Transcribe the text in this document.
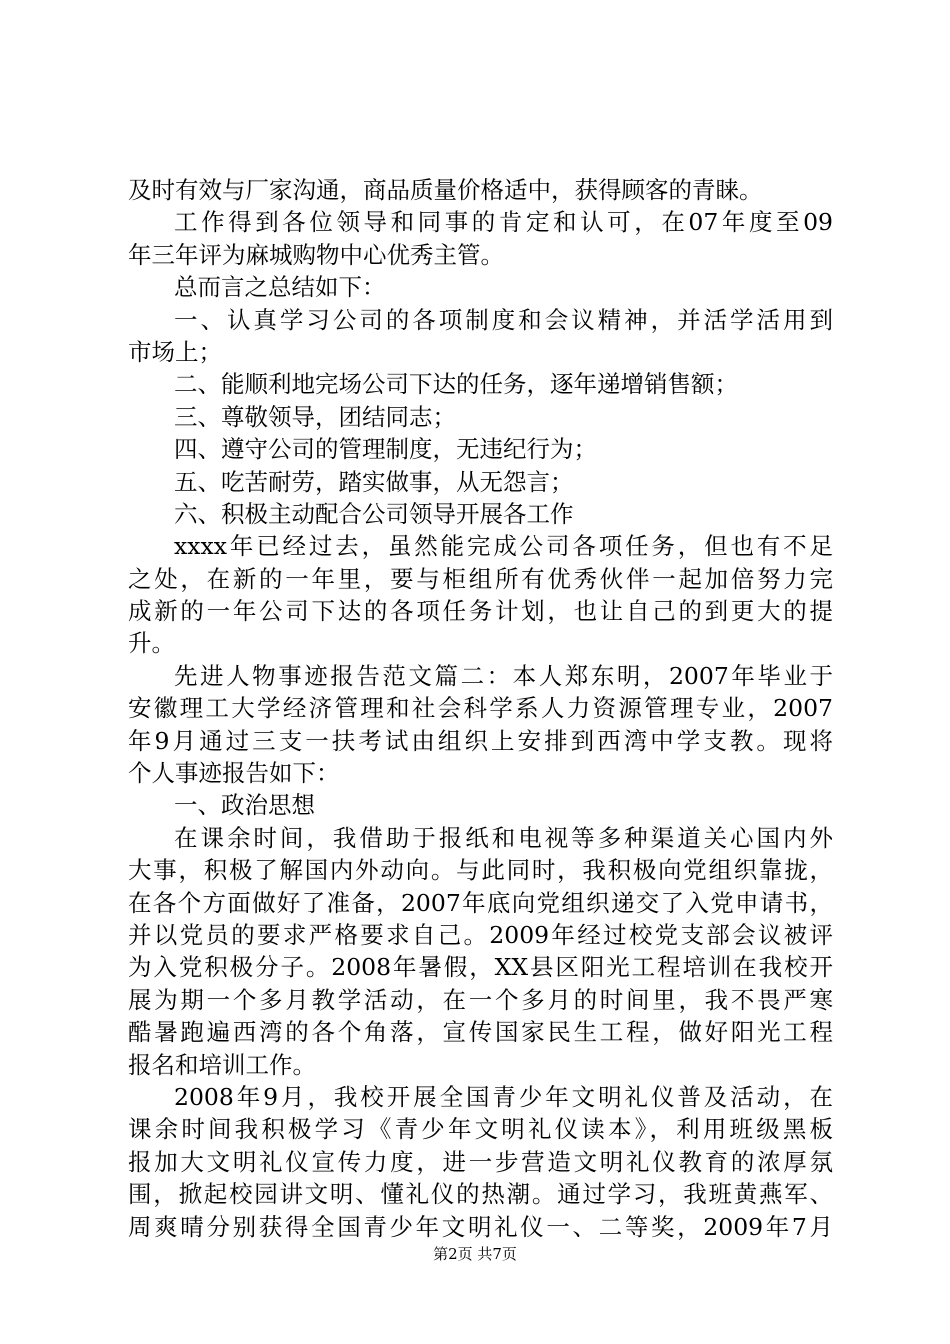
及时有效与厂家沟通，商品质量价格适中，获得顾客的青睐。
工作得到各位领导和同事的肯定和认可，在07年度至09
年三年评为麻城购物中心优秀主管。
总而言之总结如下：
一、认真学习公司的各项制度和会议精神，并活学活用到
市场上；
二、能顺利地完场公司下达的任务，逐年递增销售额；
三、尊敬领导，团结同志；
四、遵守公司的管理制度，无违纪行为；
五、吃苦耐劳，踏实做事，从无怨言；
六、积极主动配合公司领导开展各工作
xxxx年已经过去，虽然能完成公司各项任务，但也有不足
之处，在新的一年里，要与柜组所有优秀伙伴一起加倍努力完
成新的一年公司下达的各项任务计划，也让自己的到更大的提
升。
先进人物事迹报告范文篇二：本人郑东明，2007年毕业于
安徽理工大学经济管理和社会科学系人力资源管理专业，2007
年9月通过三支一扶考试由组织上安排到西湾中学支教。现将
个人事迹报告如下：
一、政治思想
在课余时间，我借助于报纸和电视等多种渠道关心国内外
大事，积极了解国内外动向。与此同时，我积极向党组织靠拢，
在各个方面做好了准备，2007年底向党组织递交了入党申请书，
并以党员的要求严格要求自己。2009年经过校党支部会议被评
为入党积极分子。2008年暑假，XX县区阳光工程培训在我校开
展为期一个多月教学活动，在一个多月的时间里，我不畏严寒
酷暑跑遍西湾的各个角落，宣传国家民生工程，做好阳光工程
报名和培训工作。
2008年9月，我校开展全国青少年文明礼仪普及活动，在
课余时间我积极学习《青少年文明礼仪读本》，利用班级黑板
报加大文明礼仪宣传力度，进一步营造文明礼仪教育的浓厚氛
围，掀起校园讲文明、懂礼仪的热潮。通过学习，我班黄燕军、
周爽晴分别获得全国青少年文明礼仪一、二等奖，2009年7月
第2页 共7页
